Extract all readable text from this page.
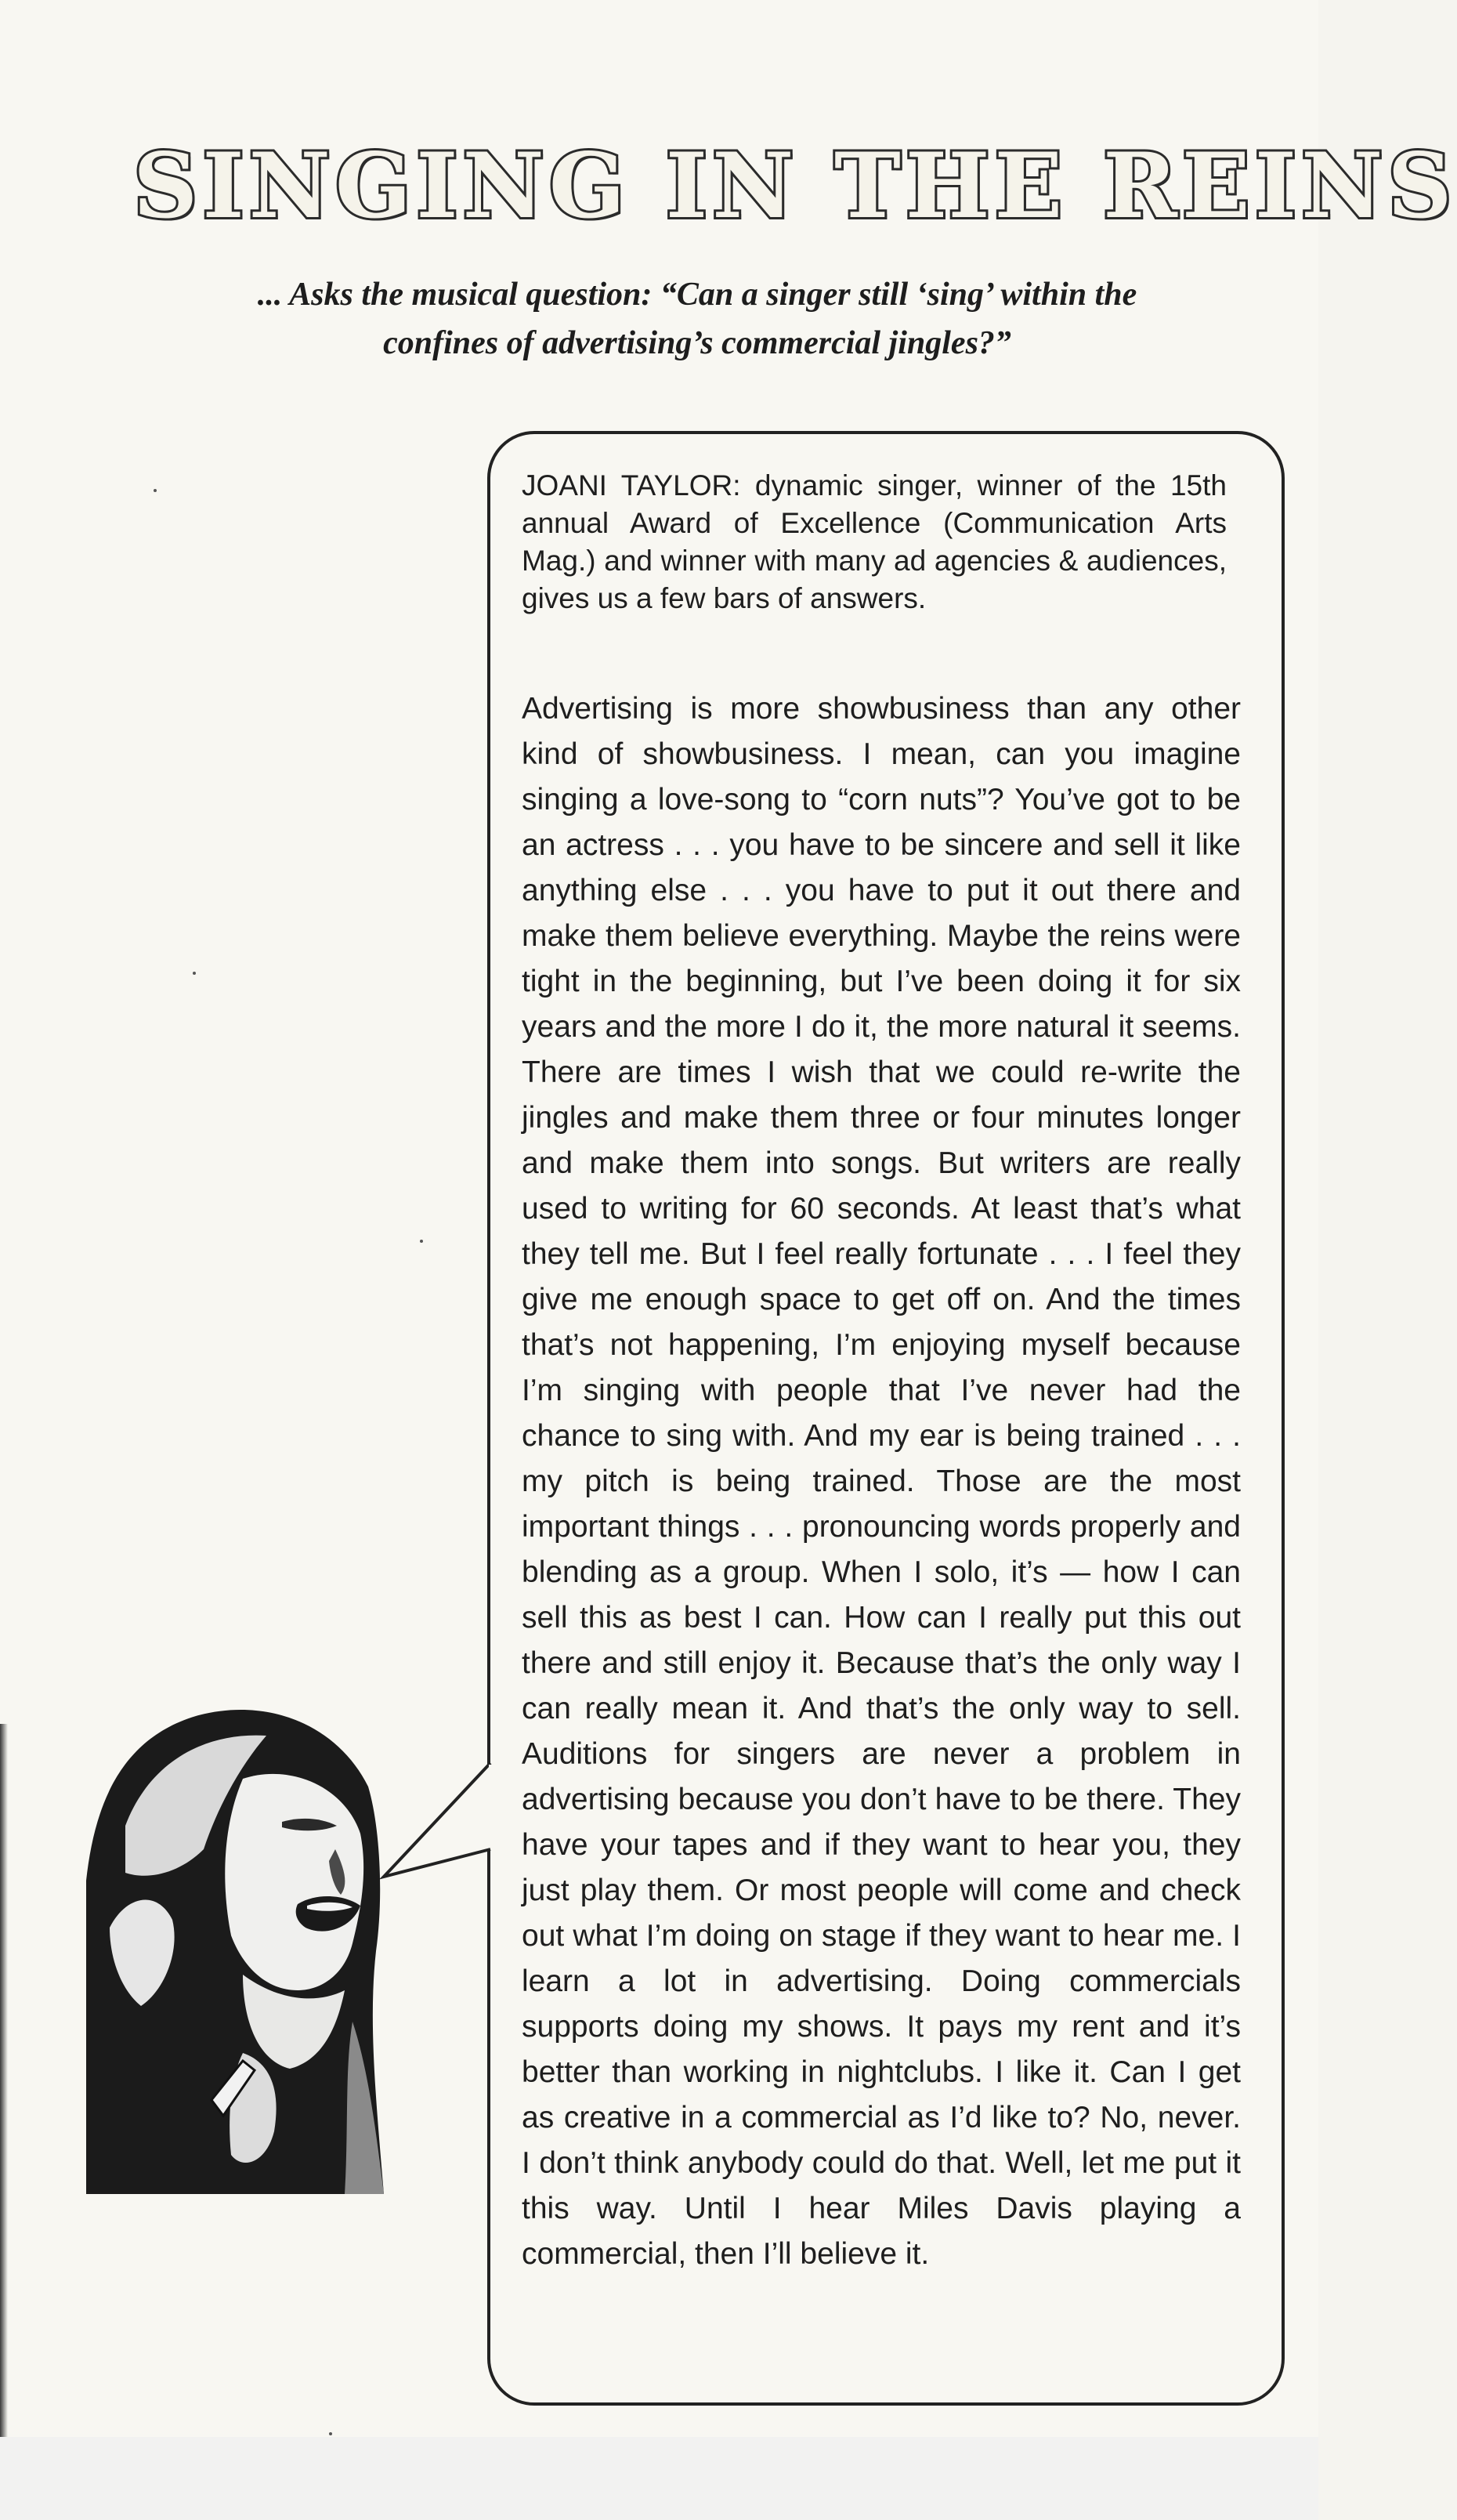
SINGING IN THE REINS

... Asks the musical question: “Can a singer still ‘sing’ within the confines of advertising’s commercial jingles?”

JOANI TAYLOR: dynamic singer, winner of the 15th annual Award of Excellence (Communication Arts Mag.) and winner with many ad agencies & audiences, gives us a few bars of answers.

Advertising is more showbusiness than any other kind of showbusiness. I mean, can you imagine singing a love-song to “corn nuts”? You’ve got to be an actress . . . you have to be sincere and sell it like anything else . . . you have to put it out there and make them believe everything. Maybe the reins were tight in the beginning, but I’ve been doing it for six years and the more I do it, the more natural it seems. There are times I wish that we could re-write the jingles and make them three or four minutes longer and make them into songs. But writers are really used to writing for 60 seconds. At least that’s what they tell me. But I feel really fortunate . . . I feel they give me enough space to get off on. And the times that’s not happening, I’m enjoying myself because I’m singing with people that I’ve never had the chance to sing with. And my ear is being trained . . . my pitch is being trained. Those are the most important things . . . pronouncing words properly and blending as a group. When I solo, it’s — how I can sell this as best I can. How can I really put this out there and still enjoy it. Because that’s the only way I can really mean it. And that’s the only way to sell. Auditions for singers are never a problem in advertising because you don’t have to be there. They have your tapes and if they want to hear you, they just play them. Or most people will come and check out what I’m doing on stage if they want to hear me. I learn a lot in advertising. Doing commercials supports doing my shows. It pays my rent and it’s better than working in nightclubs. I like it. Can I get as creative in a commercial as I’d like to? No, never. I don’t think anybody could do that. Well, let me put it this way. Until I hear Miles Davis playing a commercial, then I’ll believe it.
